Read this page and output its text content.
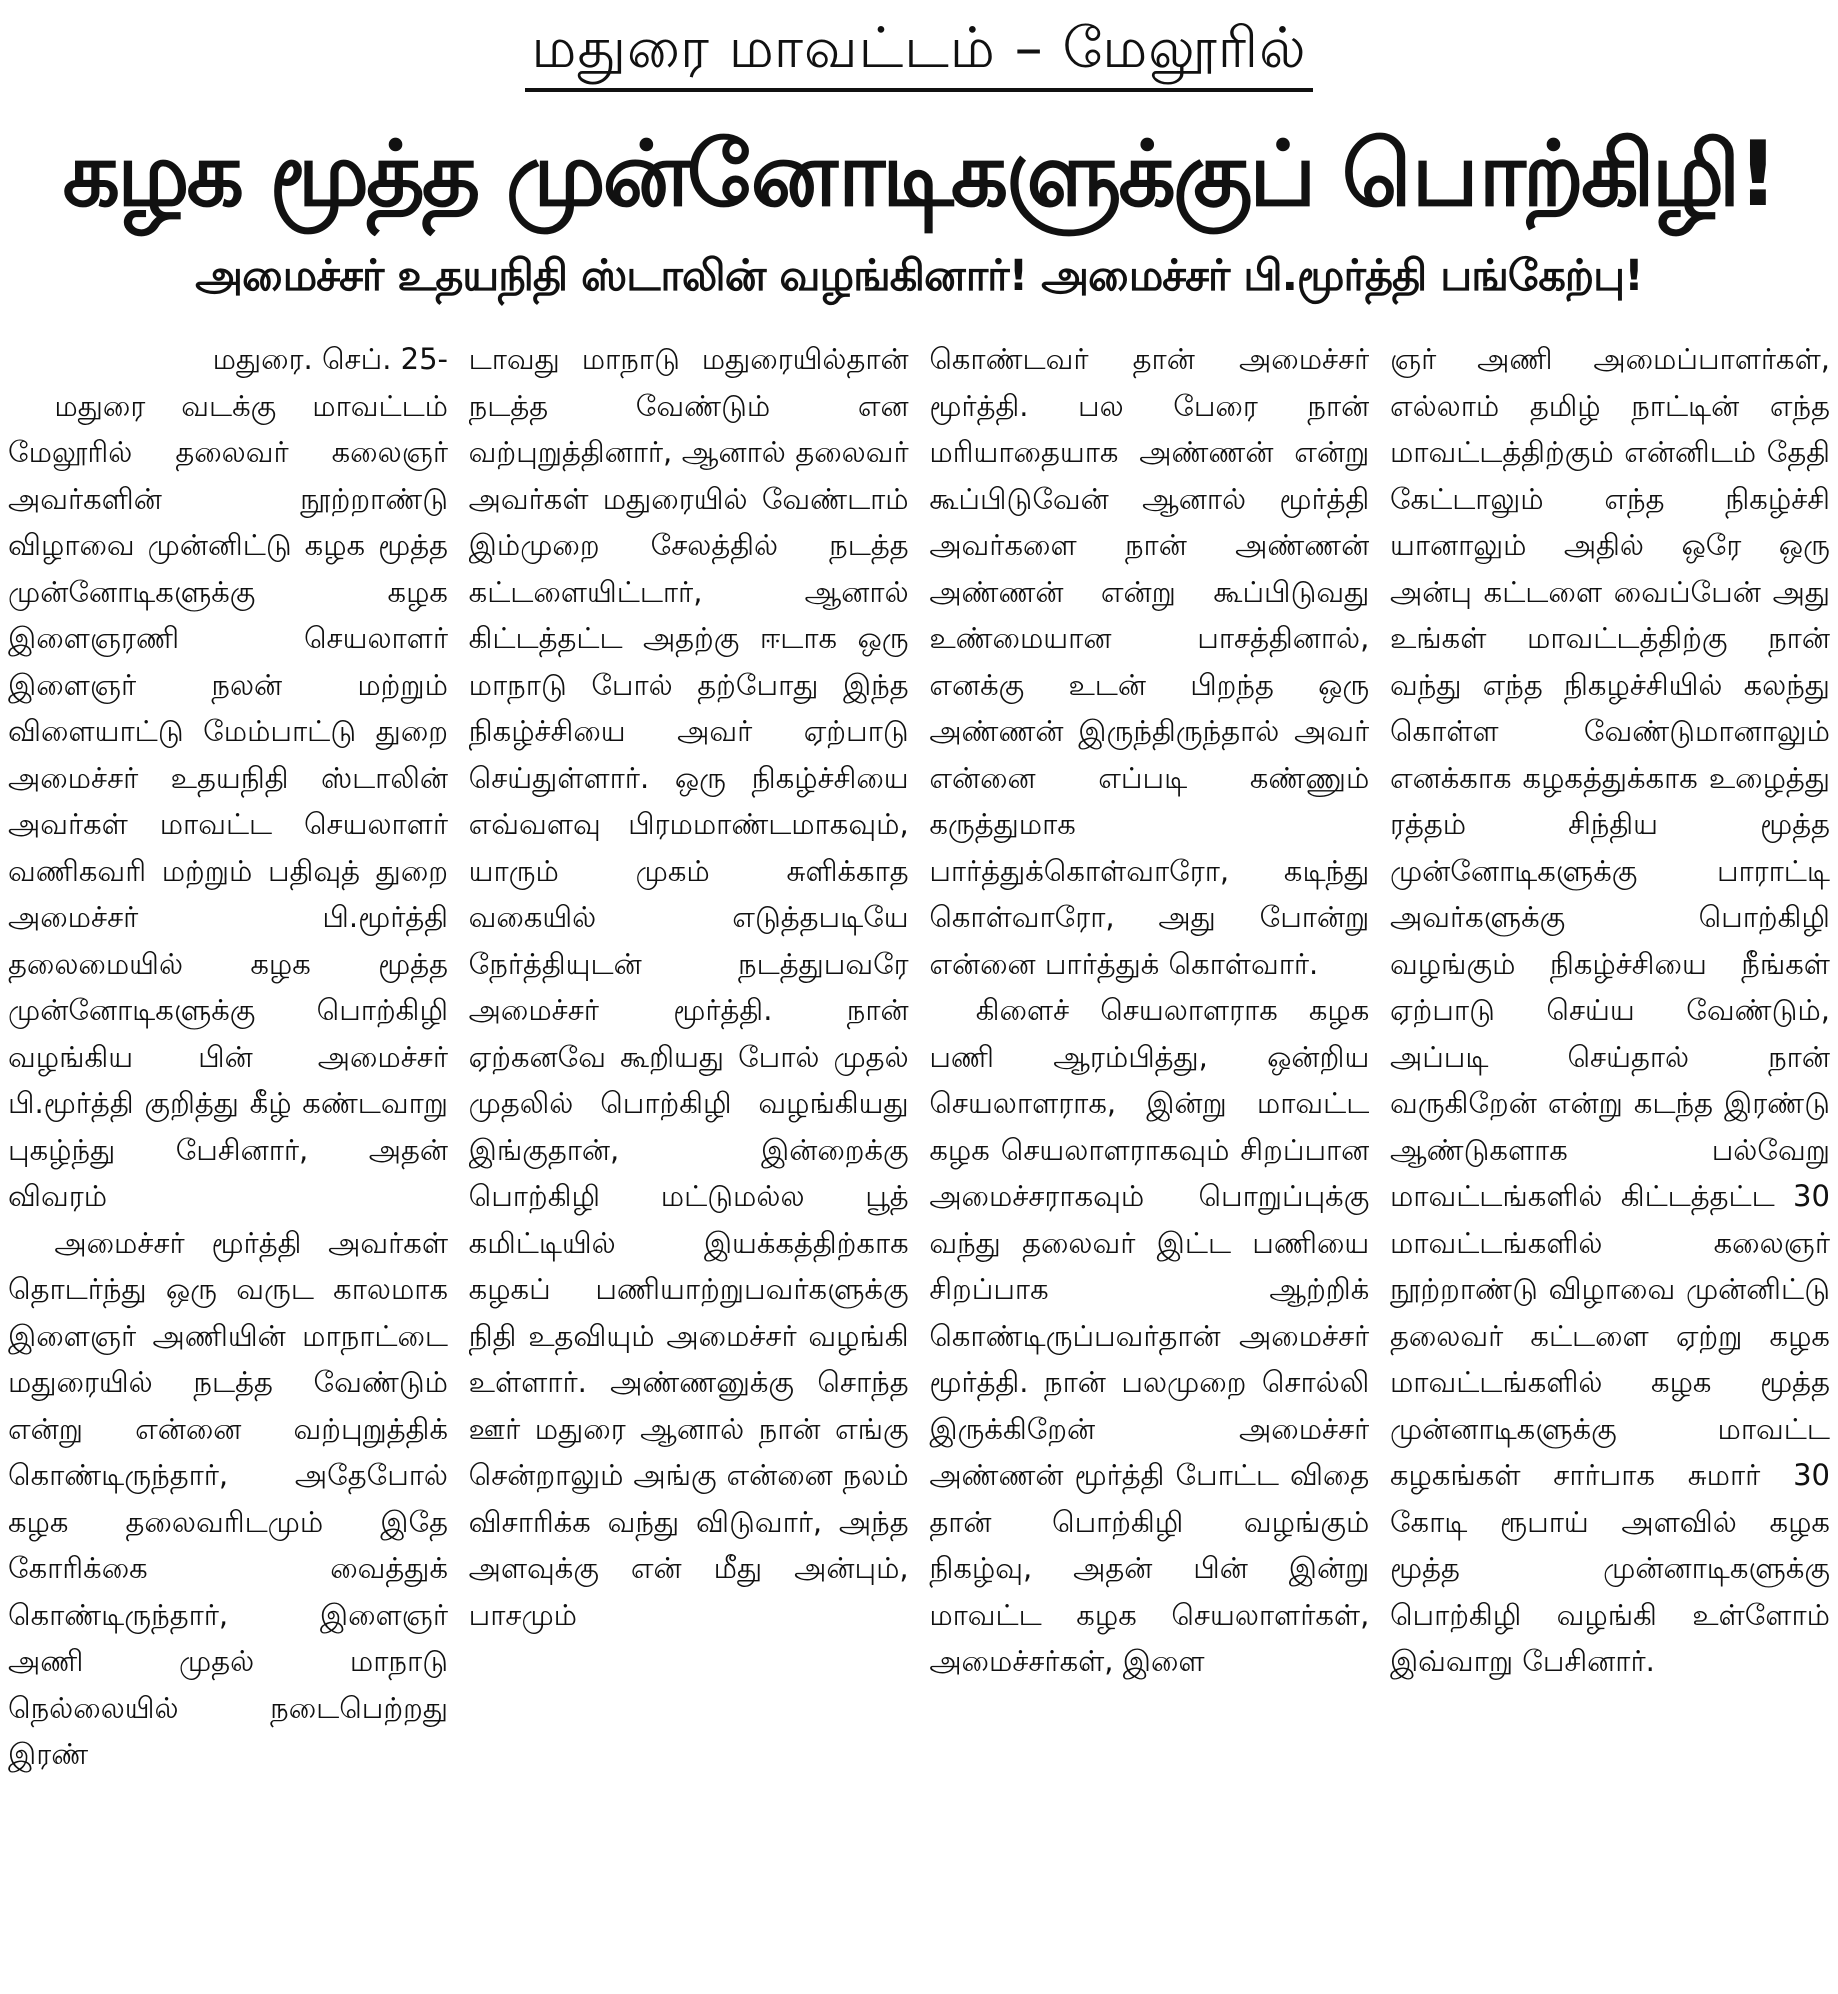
மதுரை மாவட்டம் – மேலூரில்
கழக மூத்த முன்னோடிகளுக்குப் பொற்கிழி!
அமைச்சர் உதயநிதி ஸ்டாலின் வழங்கினார்! அமைச்சர் பி.மூர்த்தி பங்கேற்பு!

மதுரை. செப். 25-

மதுரை வடக்கு மாவட்டம் மேலூரில் தலைவர் கலைஞர் அவர்களின் நூற்றாண்டு விழாவை முன்னிட்டு கழக மூத்த முன்னோடிகளுக்கு கழக இளைஞரணி செயலாளர் இளைஞர் நலன் மற்றும் விளையாட்டு மேம்பாட்டு துறை அமைச்சர் உதயநிதி ஸ்டாலின் அவர்கள் மாவட்ட செயலாளர் வணிகவரி மற்றும் பதிவுத் துறை அமைச்சர் பி.மூர்த்தி தலைமையில் கழக மூத்த முன்னோடிகளுக்கு பொற்கிழி வழங்கிய பின் அமைச்சர் பி.மூர்த்தி குறித்து கீழ் கண்டவாறு புகழ்ந்து பேசினார், அதன் விவரம்

அமைச்சர் மூர்த்தி அவர்கள் தொடர்ந்து ஒரு வருட காலமாக இளைஞர் அணியின் மாநாட்டை மதுரையில் நடத்த வேண்டும் என்று என்னை வற்புறுத்திக் கொண்டிருந்தார், அதேபோல் கழக தலைவரிடமும் இதே கோரிக்கை வைத்துக் கொண்டிருந்தார், இளைஞர் அணி முதல் மாநாடு நெல்லையில் நடைபெற்றது இரண்

டாவது மாநாடு மதுரையில்தான் நடத்த வேண்டும் என வற்புறுத்தினார், ஆனால் தலைவர் அவர்கள் மதுரையில் வேண்டாம் இம்முறை சேலத்தில் நடத்த கட்டளையிட்டார், ஆனால் கிட்டத்தட்ட அதற்கு ஈடாக ஒரு மாநாடு போல் தற்போது இந்த நிகழ்ச்சியை அவர் ஏற்பாடு செய்துள்ளார். ஒரு நிகழ்ச்சியை எவ்வளவு பிரமமாண்டமாகவும், யாரும் முகம் சுளிக்காத வகையில் எடுத்தபடியே நேர்த்தியுடன் நடத்துபவரே அமைச்சர் மூர்த்தி. நான் ஏற்கனவே கூறியது போல் முதல் முதலில் பொற்கிழி வழங்கியது இங்குதான், இன்றைக்கு பொற்கிழி மட்டுமல்ல பூத் கமிட்டியில் இயக்கத்திற்காக கழகப் பணியாற்றுபவர்களுக்கு நிதி உதவியும் அமைச்சர் வழங்கி உள்ளார். அண்ணனுக்கு சொந்த ஊர் மதுரை ஆனால் நான் எங்கு சென்றாலும் அங்கு என்னை நலம் விசாரிக்க வந்து விடுவார், அந்த அளவுக்கு என் மீது அன்பும், பாசமும்

கொண்டவர் தான் அமைச்சர் மூர்த்தி. பல பேரை நான் மரியாதையாக அண்ணன் என்று கூப்பிடுவேன் ஆனால் மூர்த்தி அவர்களை நான் அண்ணன் அண்ணன் என்று கூப்பிடுவது உண்மையான பாசத்தினால், எனக்கு உடன் பிறந்த ஒரு அண்ணன் இருந்திருந்தால் அவர் என்னை எப்படி கண்ணும் கருத்துமாக பார்த்துக்கொள்வாரோ, கடிந்து கொள்வாரோ, அது போன்று என்னை பார்த்துக் கொள்வார்.

கிளைச் செயலாளராக கழக பணி ஆரம்பித்து, ஒன்றிய செயலாளராக, இன்று மாவட்ட கழக செயலாளராகவும் சிறப்பான அமைச்சராகவும் பொறுப்புக்கு வந்து தலைவர் இட்ட பணியை சிறப்பாக ஆற்றிக் கொண்டிருப்பவர்தான் அமைச்சர் மூர்த்தி. நான் பலமுறை சொல்லி இருக்கிறேன் அமைச்சர் அண்ணன் மூர்த்தி போட்ட விதை தான் பொற்கிழி வழங்கும் நிகழ்வு, அதன் பின் இன்று மாவட்ட கழக செயலாளர்கள், அமைச்சர்கள், இளை

ஞர் அணி அமைப்பாளர்கள், எல்லாம் தமிழ் நாட்டின் எந்த மாவட்டத்திற்கும் என்னிடம் தேதி கேட்டாலும் எந்த நிகழ்ச்சி யானாலும் அதில் ஒரே ஒரு அன்பு கட்டளை வைப்பேன் அது உங்கள் மாவட்டத்திற்கு நான் வந்து எந்த நிகழச்சியில் கலந்து கொள்ள வேண்டுமானாலும் எனக்காக கழகத்துக்காக உழைத்து ரத்தம் சிந்திய மூத்த முன்னோடிகளுக்கு பாராட்டி அவர்களுக்கு பொற்கிழி வழங்கும் நிகழ்ச்சியை நீங்கள் ஏற்பாடு செய்ய வேண்டும், அப்படி செய்தால் நான் வருகிறேன் என்று கடந்த இரண்டு ஆண்டுகளாக பல்வேறு மாவட்டங்களில் கிட்டத்தட்ட 30 மாவட்டங்களில் கலைஞர் நூற்றாண்டு விழாவை முன்னிட்டு தலைவர் கட்டளை ஏற்று கழக மாவட்டங்களில் கழக மூத்த முன்னாடிகளுக்கு மாவட்ட கழகங்கள் சார்பாக சுமார் 30 கோடி ரூபாய் அளவில் கழக மூத்த முன்னாடிகளுக்கு பொற்கிழி வழங்கி உள்ளோம் இவ்வாறு பேசினார்.
